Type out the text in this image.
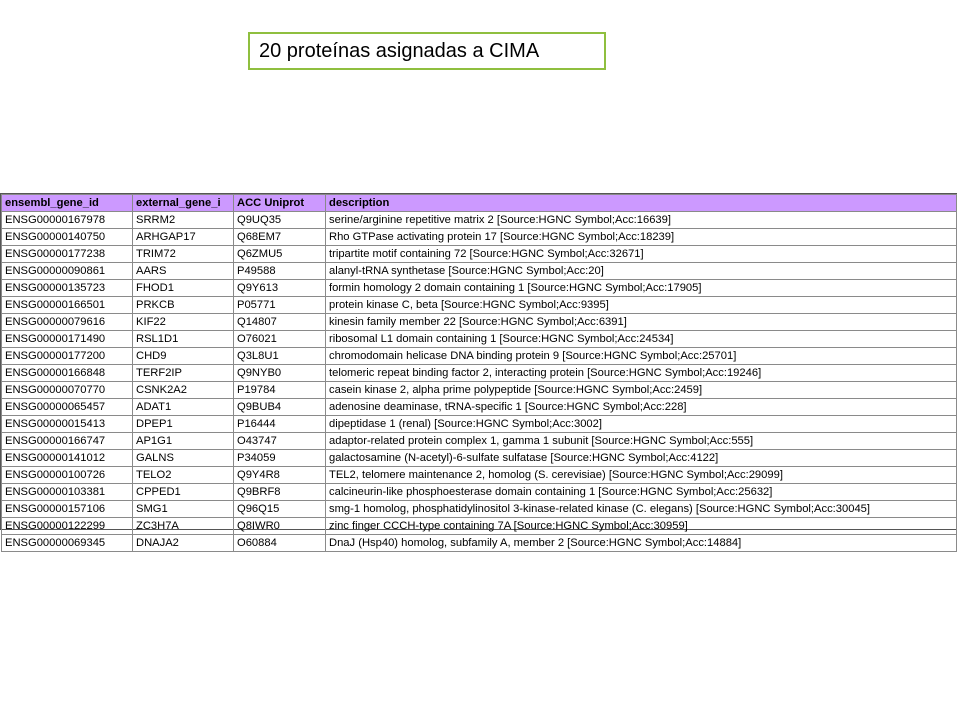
20 proteínas asignadas a CIMA
ensembl_gene_id	external_gene_i	ACC Uniprot	description
ENSG00000167978	SRRM2	Q9UQ35	serine/arginine repetitive matrix 2 [Source:HGNC Symbol;Acc:16639]
ENSG00000140750	ARHGAP17	Q68EM7	Rho GTPase activating protein 17 [Source:HGNC Symbol;Acc:18239]
ENSG00000177238	TRIM72	Q6ZMU5	tripartite motif containing 72 [Source:HGNC Symbol;Acc:32671]
ENSG00000090861	AARS	P49588	alanyl-tRNA synthetase [Source:HGNC Symbol;Acc:20]
ENSG00000135723	FHOD1	Q9Y613	formin homology 2 domain containing 1 [Source:HGNC Symbol;Acc:17905]
ENSG00000166501	PRKCB	P05771	protein kinase C, beta [Source:HGNC Symbol;Acc:9395]
ENSG00000079616	KIF22	Q14807	kinesin family member 22 [Source:HGNC Symbol;Acc:6391]
ENSG00000171490	RSL1D1	O76021	ribosomal L1 domain containing 1 [Source:HGNC Symbol;Acc:24534]
ENSG00000177200	CHD9	Q3L8U1	chromodomain helicase DNA binding protein 9 [Source:HGNC Symbol;Acc:25701]
ENSG00000166848	TERF2IP	Q9NYB0	telomeric repeat binding factor 2, interacting protein [Source:HGNC Symbol;Acc:19246]
ENSG00000070770	CSNK2A2	P19784	casein kinase 2, alpha prime polypeptide [Source:HGNC Symbol;Acc:2459]
ENSG00000065457	ADAT1	Q9BUB4	adenosine deaminase, tRNA-specific 1 [Source:HGNC Symbol;Acc:228]
ENSG00000015413	DPEP1	P16444	dipeptidase 1 (renal) [Source:HGNC Symbol;Acc:3002]
ENSG00000166747	AP1G1	O43747	adaptor-related protein complex 1, gamma 1 subunit [Source:HGNC Symbol;Acc:555]
ENSG00000141012	GALNS	P34059	galactosamine (N-acetyl)-6-sulfate sulfatase [Source:HGNC Symbol;Acc:4122]
ENSG00000100726	TELO2	Q9Y4R8	TEL2, telomere maintenance 2, homolog (S. cerevisiae) [Source:HGNC Symbol;Acc:29099]
ENSG00000103381	CPPED1	Q9BRF8	calcineurin-like phosphoesterase domain containing 1 [Source:HGNC Symbol;Acc:25632]
ENSG00000157106	SMG1	Q96Q15	smg-1 homolog, phosphatidylinositol 3-kinase-related kinase (C. elegans) [Source:HGNC Symbol;Acc:30045]
ENSG00000122299	ZC3H7A	Q8IWR0	zinc finger CCCH-type containing 7A [Source:HGNC Symbol;Acc:30959]
ENSG00000069345	DNAJA2	O60884	DnaJ (Hsp40) homolog, subfamily A, member 2 [Source:HGNC Symbol;Acc:14884]
